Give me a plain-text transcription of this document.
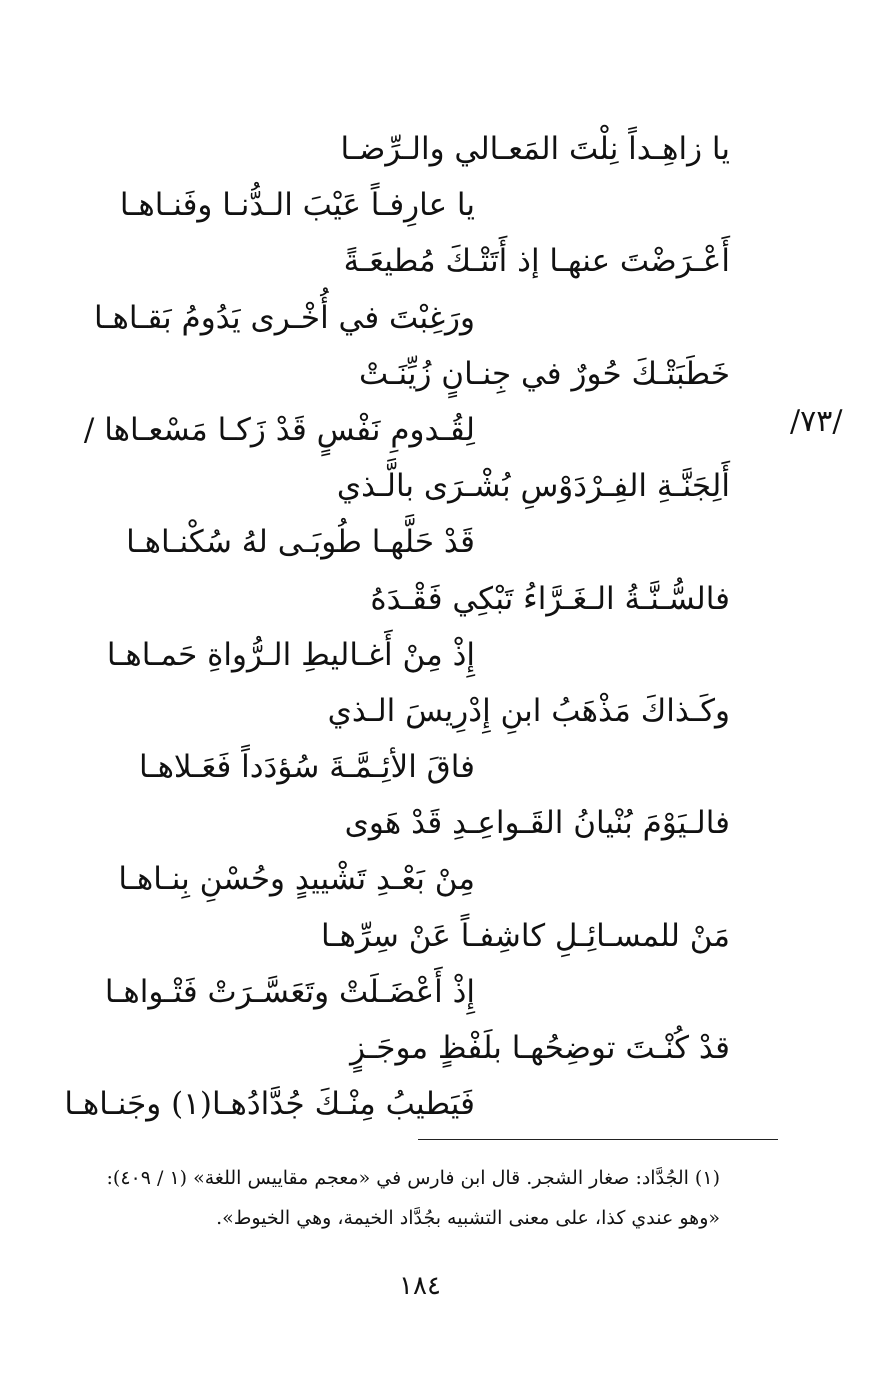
/٧٣/
يا زاهِـداً نِلْتَ المَعـالي والـرِّضـا
يا عارِفـاً عَيْبَ الـدُّنـا وفَنـاهـا
أَعْـرَضْتَ عنهـا إذ أَتَتْـكَ مُطيعَـةً
ورَغِبْتَ في أُخْـرى يَدُومُ بَقـاهـا
خَطَبَتْـكَ حُورٌ في جِنـانٍ زُيِّنَـتْ
لِقُـدومِ نَفْسٍ قَدْ زَكـا مَسْعـاها /
أَلِجَنَّـةِ الفِـرْدَوْسِ بُشْـرَى بالَّـذي
قَدْ حَلَّهـا طُوبَـى لهُ سُكْنـاهـا
فالسُّـنَّـةُ الـغَـرَّاءُ تَبْكِي فَقْـدَهُ
إِذْ مِنْ أَغـاليطِ الـرُّواةِ حَمـاهـا
وكَـذاكَ مَذْهَبُ ابنِ إِدْرِيسَ الـذي
فاقَ الأئِـمَّـةَ سُؤدَداً فَعَـلاهـا
فالـيَوْمَ بُنْيانُ القَـواعِـدِ قَدْ هَوى
مِنْ بَعْـدِ تَشْييدٍ وحُسْنِ بِنـاهـا
مَنْ للمسـائِـلِ كاشِفـاً عَنْ سِرِّهـا
إِذْ أَعْضَـلَتْ وتَعَسَّـرَتْ فَتْـواهـا
قدْ كُنْـتَ توضِحُهـا بلَفْظٍ موجَـزٍ
فَيَطيبُ مِنْـكَ جُدَّادُهـا(١) وجَنـاهـا
(١) الجُدَّاد: صغار الشجر. قال ابن فارس في «معجم مقاييس اللغة» (١ / ٤٠٩):
«وهو عندي كذا، على معنى التشبيه بجُدَّاد الخيمة، وهي الخيوط».
١٨٤
